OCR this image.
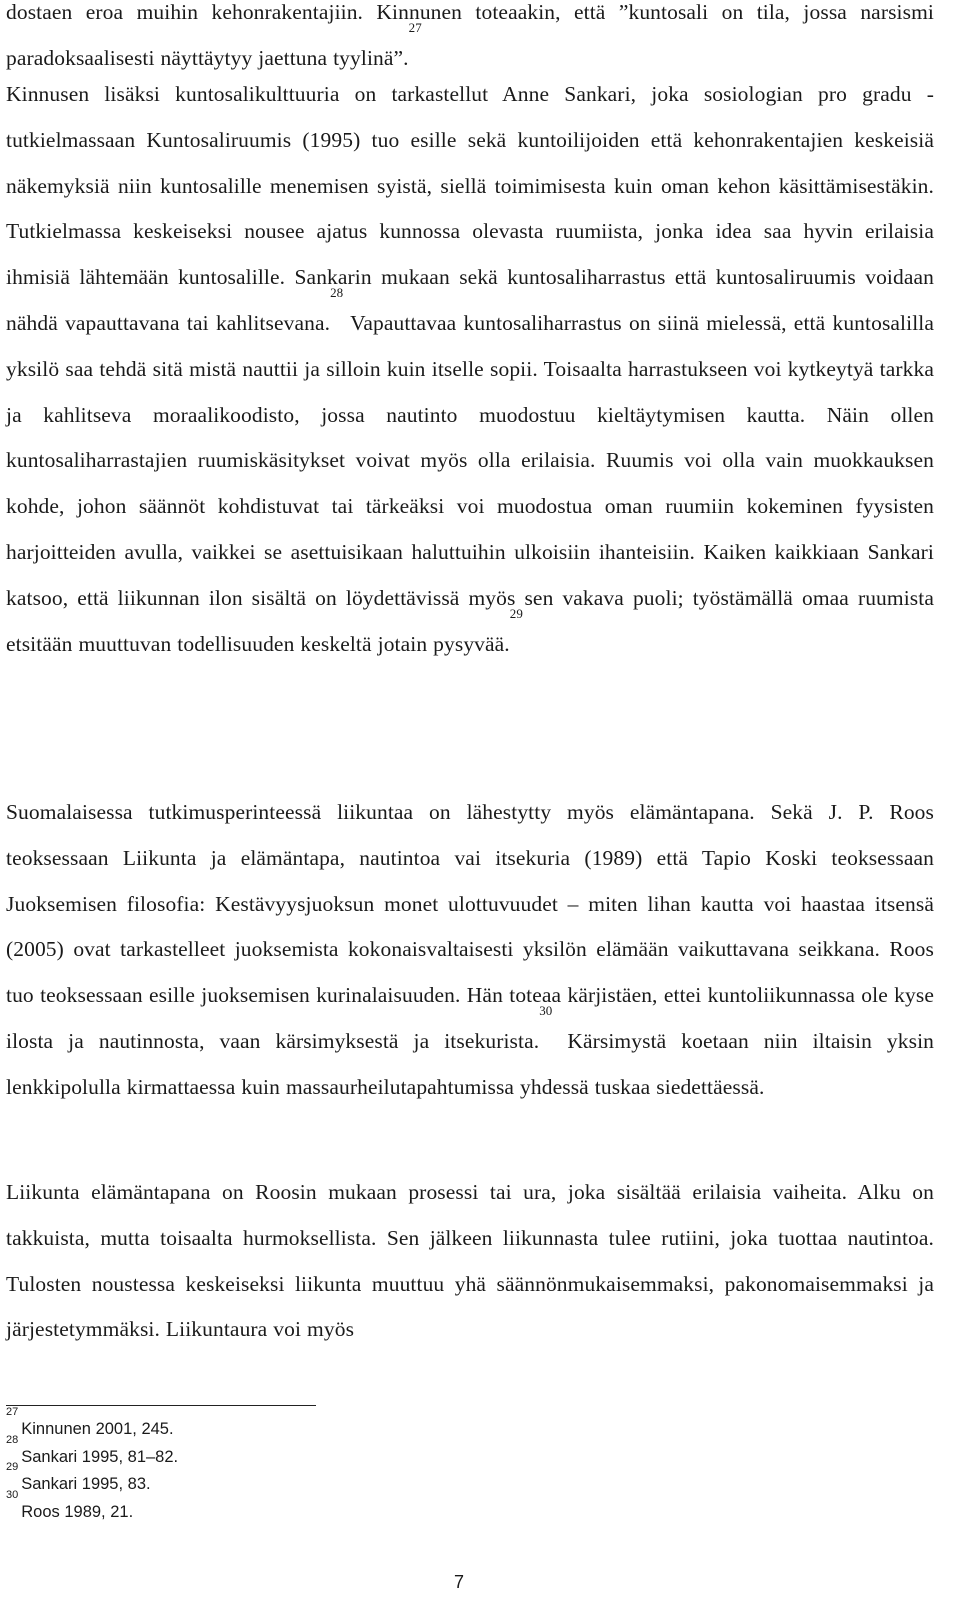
dostaen eroa muihin kehonrakentajiin. Kinnunen toteaakin, että ”kuntosali on tila, jossa narsismi paradoksaalisesti näyttäytyy jaettuna tyylinä”.$^{27}$

Kinnusen lisäksi kuntosalikulttuuria on tarkastellut Anne Sankari, joka sosiologian pro gradu -tutkielmassaan Kuntosaliruumis (1995) tuo esille sekä kuntoilijoiden että kehonrakentajien keskeisiä näkemyksiä niin kuntosalille menemisen syistä, siellä toimimisesta kuin oman kehon käsittämisestäkin. Tutkielmassa keskeiseksi nousee ajatus kunnossa olevasta ruumiista, jonka idea saa hyvin erilaisia ihmisiä lähtemään kuntosalille. Sankarin mukaan sekä kuntosaliharrastus että kuntosaliruumis voidaan nähdä vapauttavana tai kahlitsevana.$^{28}$ Vapauttavaa kuntosaliharrastus on siinä mielessä, että kuntosalilla yksilö saa tehdä sitä mistä nauttii ja silloin kuin itselle sopii. Toisaalta harrastukseen voi kytkeytyä tarkka ja kahlitseva moraalikoodisto, jossa nautinto muodostuu kieltäytymisen kautta. Näin ollen kuntosaliharrastajien ruumiskäsitykset voivat myös olla erilaisia. Ruumis voi olla vain muokkauksen kohde, johon säännöt kohdistuvat tai tärkeäksi voi muodostua oman ruumiin kokeminen fyysisten harjoitteiden avulla, vaikkei se asettuisikaan haluttuihin ulkoisiin ihanteisiin. Kaiken kaikkiaan Sankari katsoo, että liikunnan ilon sisältä on löydettävissä myös sen vakava puoli; työstämällä omaa ruumista etsitään muuttuvan todellisuuden keskeltä jotain pysyvää.$^{29}$

Suomalaisessa tutkimusperinteessä liikuntaa on lähestytty myös elämäntapana. Sekä J. P. Roos teoksessaan Liikunta ja elämäntapa, nautintoa vai itsekuria (1989) että Tapio Koski teoksessaan Juoksemisen filosofia: Kestävyysjuoksun monet ulottuvuudet – miten lihan kautta voi haastaa itsensä (2005) ovat tarkastelleet juoksemista kokonaisvaltaisesti yksilön elämään vaikuttavana seikkana. Roos tuo teoksessaan esille juoksemisen kurinalaisuuden. Hän toteaa kärjistäen, ettei kuntoliikunnassa ole kyse ilosta ja nautinnosta, vaan kärsimyksestä ja itsekurista.$^{30}$ Kärsimystä koetaan niin iltaisin yksin lenkkipolulla kirmattaessa kuin massaurheilutapahtumissa yhdessä tuskaa siedettäessä.

Liikunta elämäntapana on Roosin mukaan prosessi tai ura, joka sisältää erilaisia vaiheita. Alku on takkuista, mutta toisaalta hurmoksellista. Sen jälkeen liikunnasta tulee rutiini, joka tuottaa nautintoa. Tulosten noustessa keskeiseksi liikunta muuttuu yhä säännönmukaisemmaksi, pakonomaisemmaksi ja järjestetymmäksi. Liikuntaura voi myös

$^{27}$Kinnunen 2001, 245.
$^{28}$Sankari 1995, 81–82.
$^{29}$Sankari 1995, 83.
$^{30}$Roos 1989, 21.
7
